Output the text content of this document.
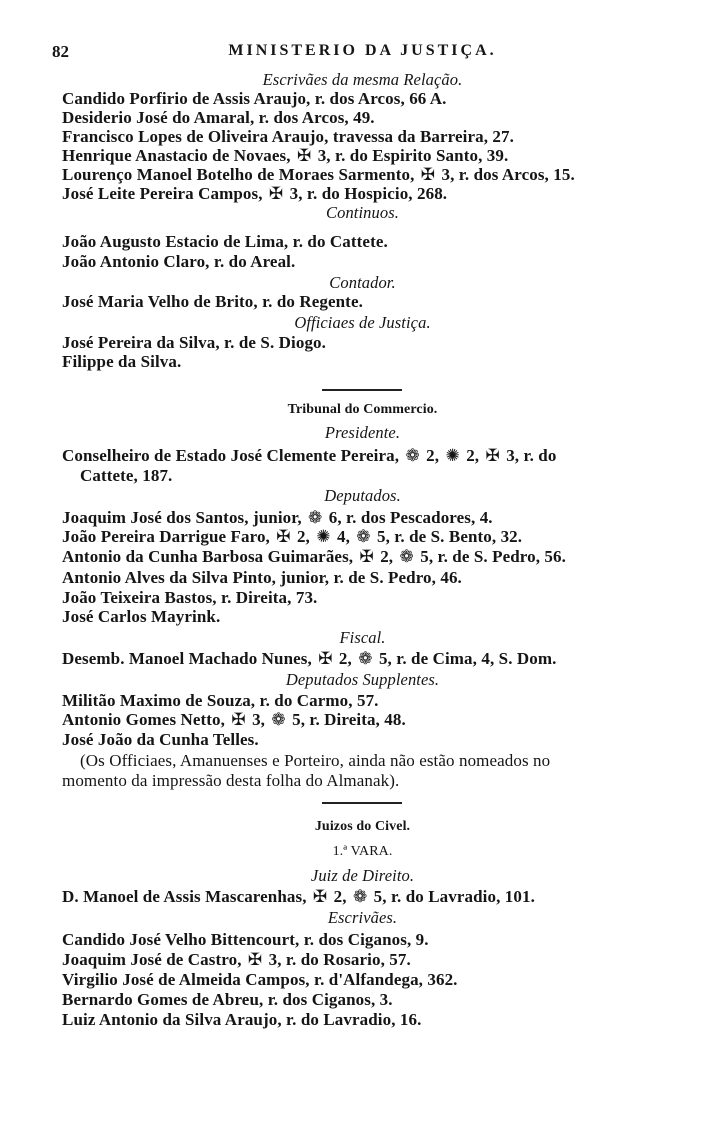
82	MINISTERIO DA JUSTIÇA.
Escrivães da mesma Relação.
Candido Porfirio de Assis Araujo, r. dos Arcos, 66 A.
Desiderio José do Amaral, r. dos Arcos, 49.
Francisco Lopes de Oliveira Araujo, travessa da Barreira, 27.
Henrique Anastacio de Novaes, ✠ 3, r. do Espirito Santo, 39.
Lourenço Manoel Botelho de Moraes Sarmento, ✠ 3, r. dos Arcos, 15.
José Leite Pereira Campos, ✠ 3, r. do Hospicio, 268.
Continuos.
João Augusto Estacio de Lima, r. do Cattete.
João Antonio Claro, r. do Areal.
Contador.
José Maria Velho de Brito, r. do Regente.
Officiaes de Justiça.
José Pereira da Silva, r. de S. Diogo.
Filippe da Silva.
Tribunal do Commercio.
Presidente.
Conselheiro de Estado José Clemente Pereira, ❁ 2, ✺ 2, ✠ 3, r. do
Cattete, 187.
Deputados.
Joaquim José dos Santos, junior, ❁ 6, r. dos Pescadores, 4.
João Pereira Darrigue Faro, ✠ 2, ✺ 4, ❁ 5, r. de S. Bento, 32.
Antonio da Cunha Barbosa Guimarães, ✠ 2, ❁ 5, r. de S. Pedro, 56.
Antonio Alves da Silva Pinto, junior, r. de S. Pedro, 46.
João Teixeira Bastos, r. Direita, 73.
José Carlos Mayrink.
Fiscal.
Desemb. Manoel Machado Nunes, ✠ 2, ❁ 5, r. de Cima, 4, S. Dom.
Deputados Supplentes.
Militão Maximo de Souza, r. do Carmo, 57.
Antonio Gomes Netto, ✠ 3, ❁ 5, r. Direita, 48.
José João da Cunha Telles.
(Os Officiaes, Amanuenses e Porteiro, ainda não estão nomeados no
momento da impressão desta folha do Almanak).
Juizos do Civel.
1.ª VARA.
Juiz de Direito.
D. Manoel de Assis Mascarenhas, ✠ 2, ❁ 5, r. do Lavradio, 101.
Escrivães.
Candido José Velho Bittencourt, r. dos Ciganos, 9.
Joaquim José de Castro, ✠ 3, r. do Rosario, 57.
Virgilio José de Almeida Campos, r. d'Alfandega, 362.
Bernardo Gomes de Abreu, r. dos Ciganos, 3.
Luiz Antonio da Silva Araujo, r. do Lavradio, 16.
